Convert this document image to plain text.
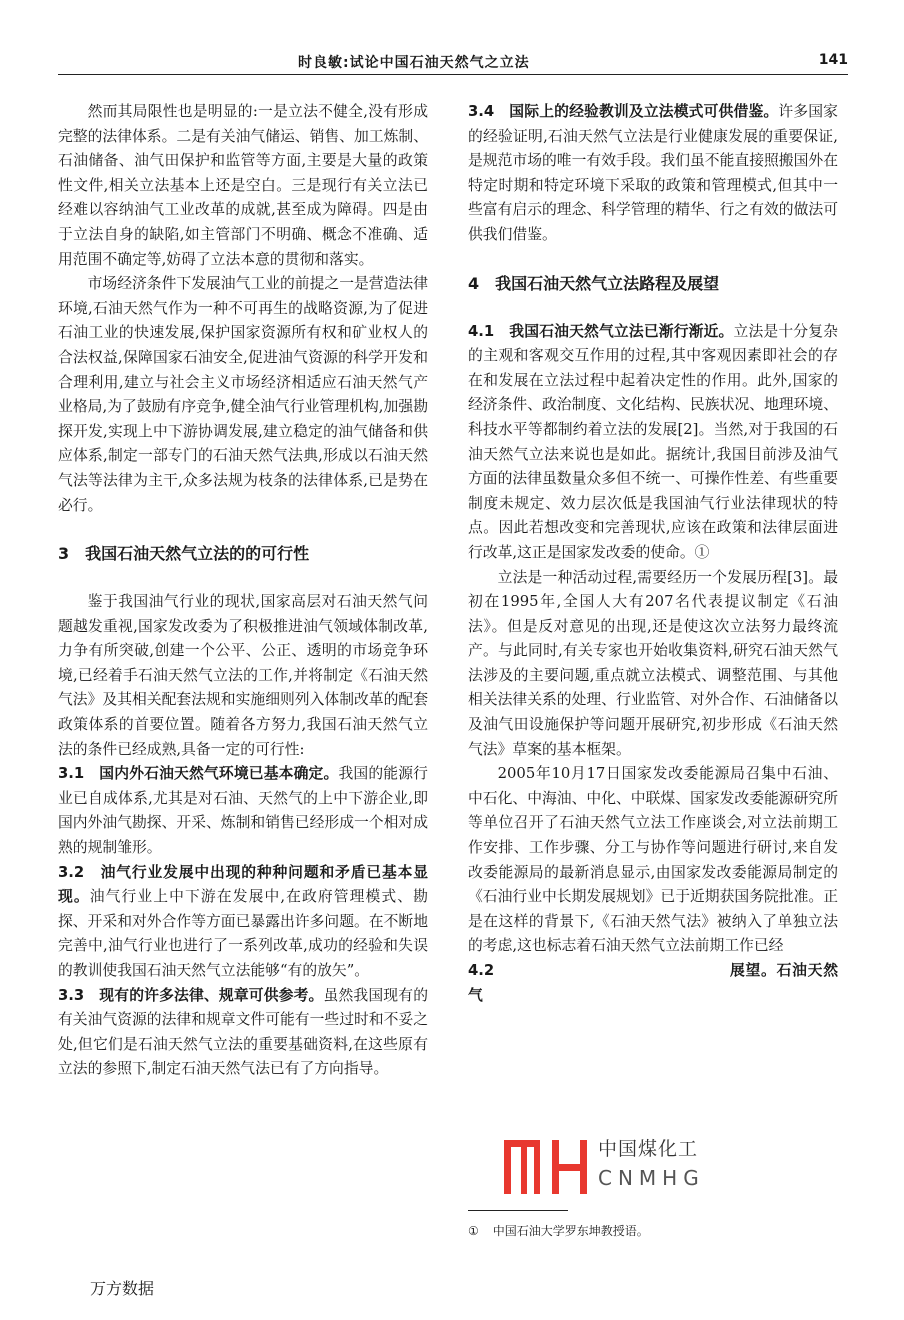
时良敏:试论中国石油天然气之立法	141

然而其局限性也是明显的:一是立法不健全,没有形成完整的法律体系。二是有关油气储运、销售、加工炼制、石油储备、油气田保护和监管等方面,主要是大量的政策性文件,相关立法基本上还是空白。三是现行有关立法已经难以容纳油气工业改革的成就,甚至成为障碍。四是由于立法自身的缺陷,如主管部门不明确、概念不准确、适用范围不确定等,妨碍了立法本意的贯彻和落实。

市场经济条件下发展油气工业的前提之一是营造法律环境,石油天然气作为一种不可再生的战略资源,为了促进石油工业的快速发展,保护国家资源所有权和矿业权人的合法权益,保障国家石油安全,促进油气资源的科学开发和合理利用,建立与社会主义市场经济相适应石油天然气产业格局,为了鼓励有序竞争,健全油气行业管理机构,加强勘探开发,实现上中下游协调发展,建立稳定的油气储备和供应体系,制定一部专门的石油天然气法典,形成以石油天然气法等法律为主干,众多法规为枝条的法律体系,已是势在必行。

3　我国石油天然气立法的的可行性

鉴于我国油气行业的现状,国家高层对石油天然气问题越发重视,国家发改委为了积极推进油气领域体制改革,力争有所突破,创建一个公平、公正、透明的市场竞争环境,已经着手石油天然气立法的工作,并将制定《石油天然气法》及其相关配套法规和实施细则列入体制改革的配套政策体系的首要位置。随着各方努力,我国石油天然气立法的条件已经成熟,具备一定的可行性:

3.1　国内外石油天然气环境已基本确定。我国的能源行业已自成体系,尤其是对石油、天然气的上中下游企业,即国内外油气勘探、开采、炼制和销售已经形成一个相对成熟的规制雏形。

3.2　油气行业发展中出现的种种问题和矛盾已基本显现。油气行业上中下游在发展中,在政府管理模式、勘探、开采和对外合作等方面已暴露出许多问题。在不断地完善中,油气行业也进行了一系列改革,成功的经验和失误的教训使我国石油天然气立法能够“有的放矢”。

3.3　现有的许多法律、规章可供参考。虽然我国现有的有关油气资源的法律和规章文件可能有一些过时和不妥之处,但它们是石油天然气立法的重要基础资料,在这些原有立法的参照下,制定石油天然气法已有了方向指导。

3.4　国际上的经验教训及立法模式可供借鉴。许多国家的经验证明,石油天然气立法是行业健康发展的重要保证,是规范市场的唯一有效手段。我们虽不能直接照搬国外在特定时期和特定环境下采取的政策和管理模式,但其中一些富有启示的理念、科学管理的精华、行之有效的做法可供我们借鉴。

4　我国石油天然气立法路程及展望

4.1　我国石油天然气立法已渐行渐近。立法是十分复杂的主观和客观交互作用的过程,其中客观因素即社会的存在和发展在立法过程中起着决定性的作用。此外,国家的经济条件、政治制度、文化结构、民族状况、地理环境、科技水平等都制约着立法的发展[2]。当然,对于我国的石油天然气立法来说也是如此。据统计,我国目前涉及油气方面的法律虽数量众多但不统一、可操作性差、有些重要制度未规定、效力层次低是我国油气行业法律现状的特点。因此若想改变和完善现状,应该在政策和法律层面进行改革,这正是国家发改委的使命。①

立法是一种活动过程,需要经历一个发展历程[3]。最初在1995年,全国人大有207名代表提议制定《石油法》。但是反对意见的出现,还是使这次立法努力最终流产。与此同时,有关专家也开始收集资料,研究石油天然气法涉及的主要问题,重点就立法模式、调整范围、与其他相关法律关系的处理、行业监管、对外合作、石油储备以及油气田设施保护等问题开展研究,初步形成《石油天然气法》草案的基本框架。

2005年10月17日国家发改委能源局召集中石油、中石化、中海油、中化、中联煤、国家发改委能源研究所等单位召开了石油天然气立法工作座谈会,对立法前期工作安排、工作步骤、分工与协作等问题进行研讨,来自发改委能源局的最新消息显示,由国家发改委能源局制定的《石油行业中长期发展规划》已于近期获国务院批准。正是在这样的背景下,《石油天然气法》被纳入了单独立法的考虑,这也标志着石油天然气立法前期工作已经

4.2	展望。石油天然气

中国煤化工
CNMHG
① 中国石油大学罗东坤教授语。
万方数据
